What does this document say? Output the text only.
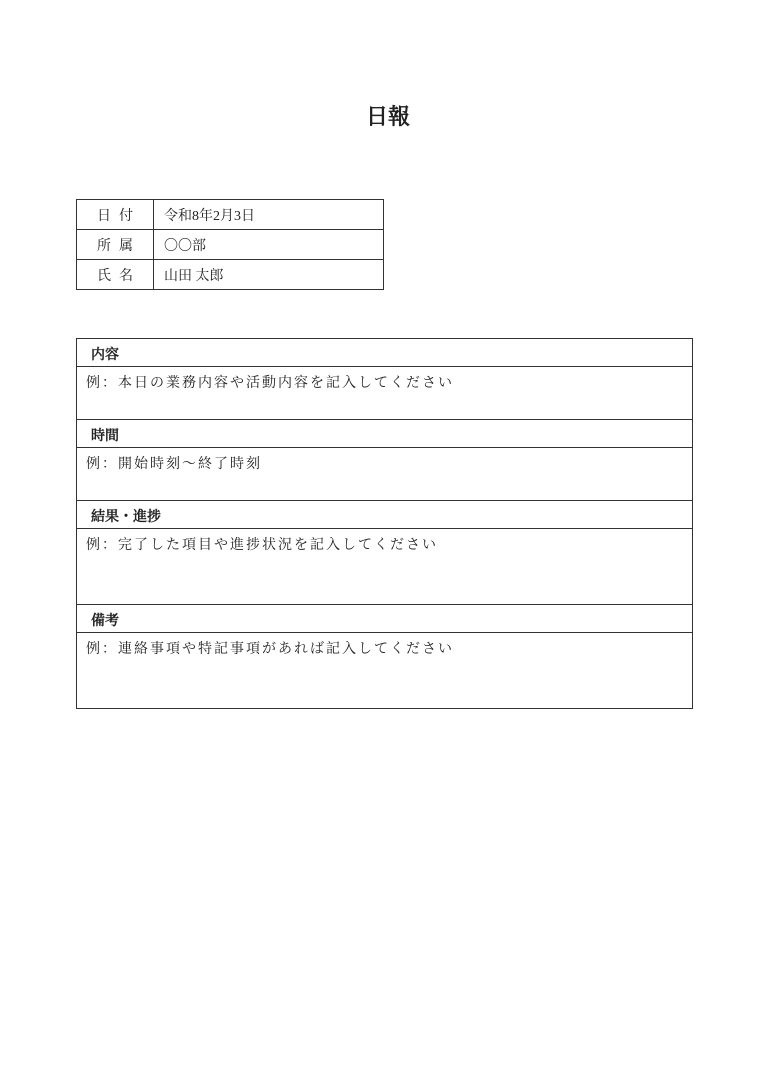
日報
日付	令和8年2月3日
所属	〇〇部
氏名	山田 太郎
内容
例：本日の業務内容や活動内容を記入してください
時間
例：開始時刻～終了時刻
結果・進捗
例：完了した項目や進捗状況を記入してください
備考
例：連絡事項や特記事項があれば記入してください
